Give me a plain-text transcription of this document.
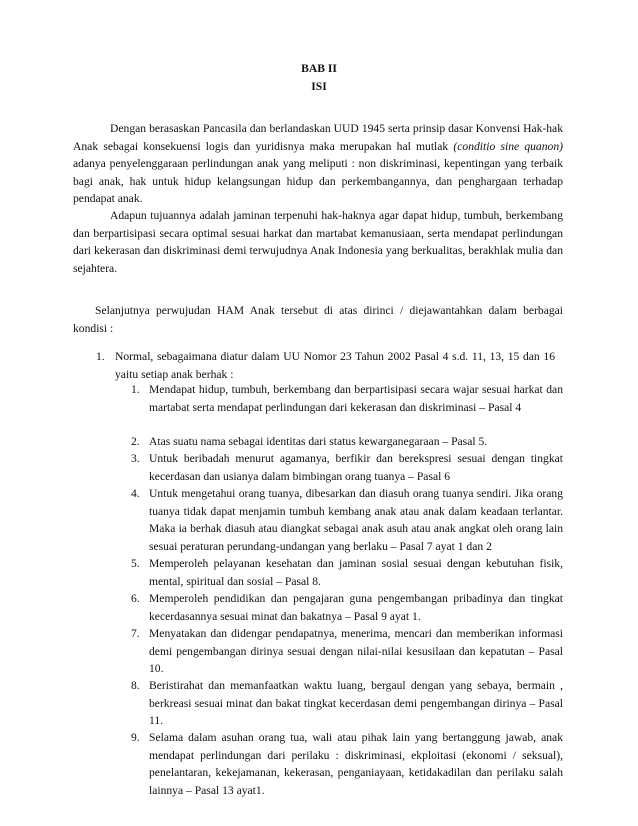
BAB II
ISI

Dengan berasaskan Pancasila dan berlandaskan UUD 1945 serta prinsip dasar Konvensi Hak-hak Anak sebagai konsekuensi logis dan yuridisnya maka merupakan hal mutlak (conditio sine quanon) adanya penyelenggaraan perlindungan anak yang meliputi : non diskriminasi, kepentingan yang terbaik bagi anak, hak untuk hidup kelangsungan hidup dan perkembangannya, dan penghargaan terhadap pendapat anak.

Adapun tujuannya adalah jaminan terpenuhi hak-haknya agar dapat hidup, tumbuh, berkembang dan berpartisipasi secara optimal sesuai harkat dan martabat kemanusiaan, serta mendapat perlindungan dari kekerasan dan diskriminasi demi terwujudnya Anak Indonesia yang berkualitas, berakhlak mulia dan sejahtera.

Selanjutnya perwujudan HAM Anak tersebut di atas dirinci / diejawantahkan dalam berbagai kondisi :

1. Normal, sebagaimana diatur dalam UU Nomor 23 Tahun 2002 Pasal 4 s.d. 11, 13, 15 dan 16 yaitu setiap anak berhak :

1. Mendapat hidup, tumbuh, berkembang dan berpartisipasi secara wajar sesuai harkat dan martabat serta mendapat perlindungan dari kekerasan dan diskriminasi – Pasal 4

2. Atas suatu nama sebagai identitas dari status kewarganegaraan – Pasal 5.

3. Untuk beribadah menurut agamanya, berfikir dan berekspresi sesuai dengan tingkat kecerdasan dan usianya dalam bimbingan orang tuanya – Pasal 6

4. Untuk mengetahui orang tuanya, dibesarkan dan diasuh orang tuanya sendiri. Jika orang tuanya tidak dapat menjamin tumbuh kembang anak atau anak dalam keadaan terlantar. Maka ia berhak diasuh atau diangkat sebagai anak asuh atau anak angkat oleh orang lain sesuai peraturan perundang-undangan yang berlaku – Pasal 7 ayat 1 dan 2

5. Memperoleh pelayanan kesehatan dan jaminan sosial sesuai dengan kebutuhan fisik, mental, spiritual dan sosial – Pasal 8.

6. Memperoleh pendidikan dan pengajaran guna pengembangan pribadinya dan tingkat kecerdasannya sesuai minat dan bakatnya – Pasal 9 ayat 1.

7. Menyatakan dan didengar pendapatnya, menerima, mencari dan memberikan informasi demi pengembangan dirinya sesuai dengan nilai-nilai kesusilaan dan kepatutan – Pasal 10.

8. Beristirahat dan memanfaatkan waktu luang, bergaul dengan yang sebaya, bermain , berkreasi sesuai minat dan bakat tingkat kecerdasan demi pengembangan dirinya – Pasal 11.

9. Selama dalam asuhan orang tua, wali atau pihak lain yang bertanggung jawab, anak mendapat perlindungan dari perilaku : diskriminasi, ekploitasi (ekonomi / seksual), penelantaran, kekejamanan, kekerasan, penganiayaan, ketidakadilan dan perilaku salah lainnya – Pasal 13 ayat1.
